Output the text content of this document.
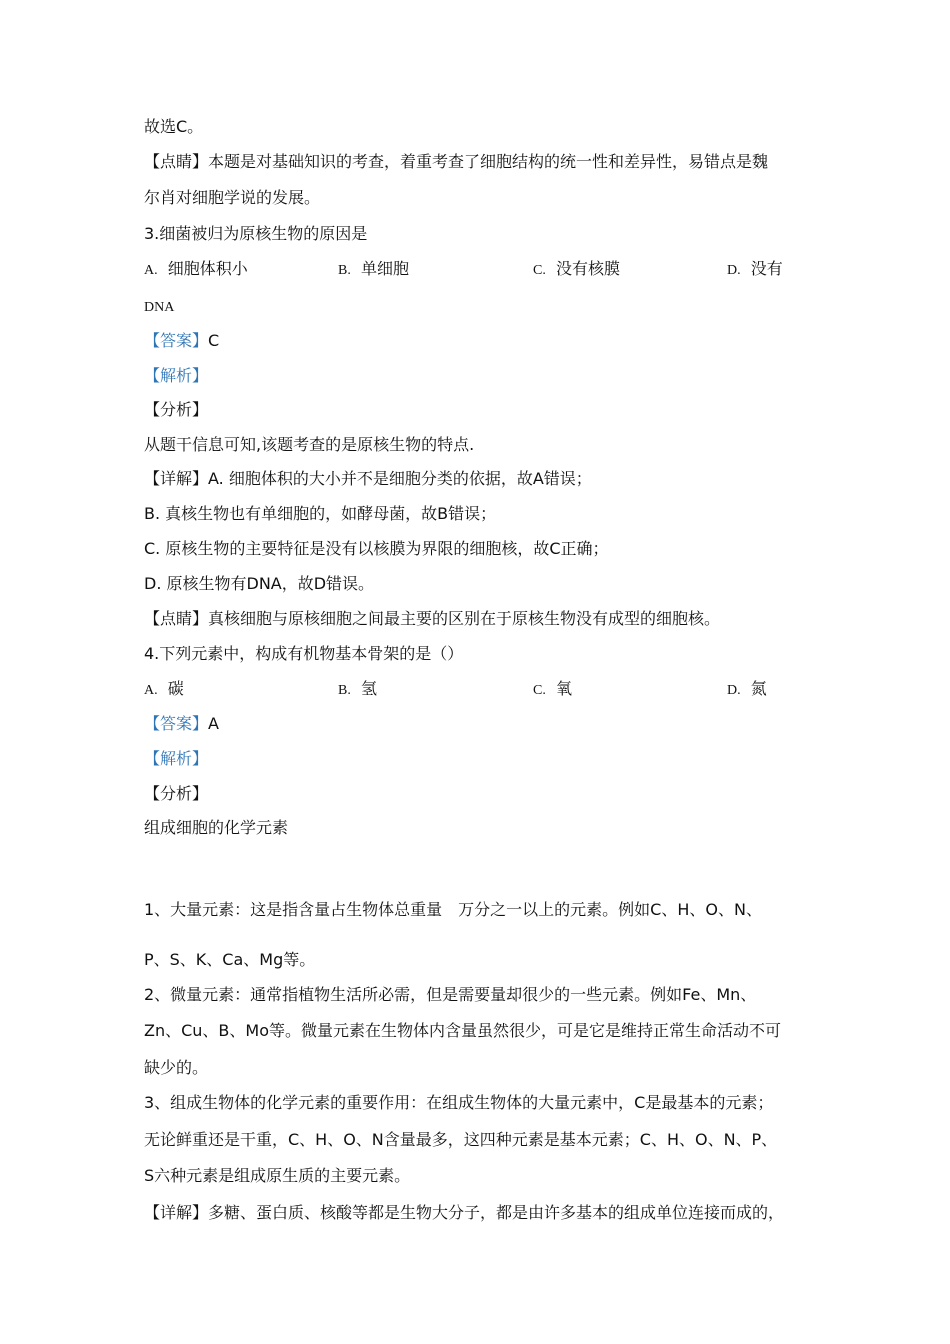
故选C。
【点睛】本题是对基础知识的考查，着重考查了细胞结构的统一性和差异性，易错点是魏
尔肖对细胞学说的发展。
3.细菌被归为原核生物的原因是
A. 细胞体积小	B. 单细胞	C. 没有核膜	D. 没有
DNA
【答案】C
【解析】
【分析】
从题干信息可知,该题考查的是原核生物的特点.
【详解】A. 细胞体积的大小并不是细胞分类的依据，故A错误；
B. 真核生物也有单细胞的，如酵母菌，故B错误；
C. 原核生物的主要特征是没有以核膜为界限的细胞核，故C正确；
D. 原核生物有DNA，故D错误。
【点睛】真核细胞与原核细胞之间最主要的区别在于原核生物没有成型的细胞核。
4.下列元素中，构成有机物基本骨架的是（）
A. 碳	B. 氢	C. 氧	D. 氮
【答案】A
【解析】
【分析】
组成细胞的化学元素
1、大量元素：这是指含量占生物体总重量　万分之一以上的元素。例如C、H、O、N、
P、S、K、Ca、Mg等。
2、微量元素：通常指植物生活所必需，但是需要量却很少的一些元素。例如Fe、Mn、
Zn、Cu、B、Mo等。微量元素在生物体内含量虽然很少，可是它是维持正常生命活动不可
缺少的。
3、组成生物体的化学元素的重要作用：在组成生物体的大量元素中，C是最基本的元素；
无论鲜重还是干重，C、H、O、N含量最多，这四种元素是基本元素；C、H、O、N、P、
S六种元素是组成原生质的主要元素。
【详解】多糖、蛋白质、核酸等都是生物大分子，都是由许多基本的组成单位连接而成的，
